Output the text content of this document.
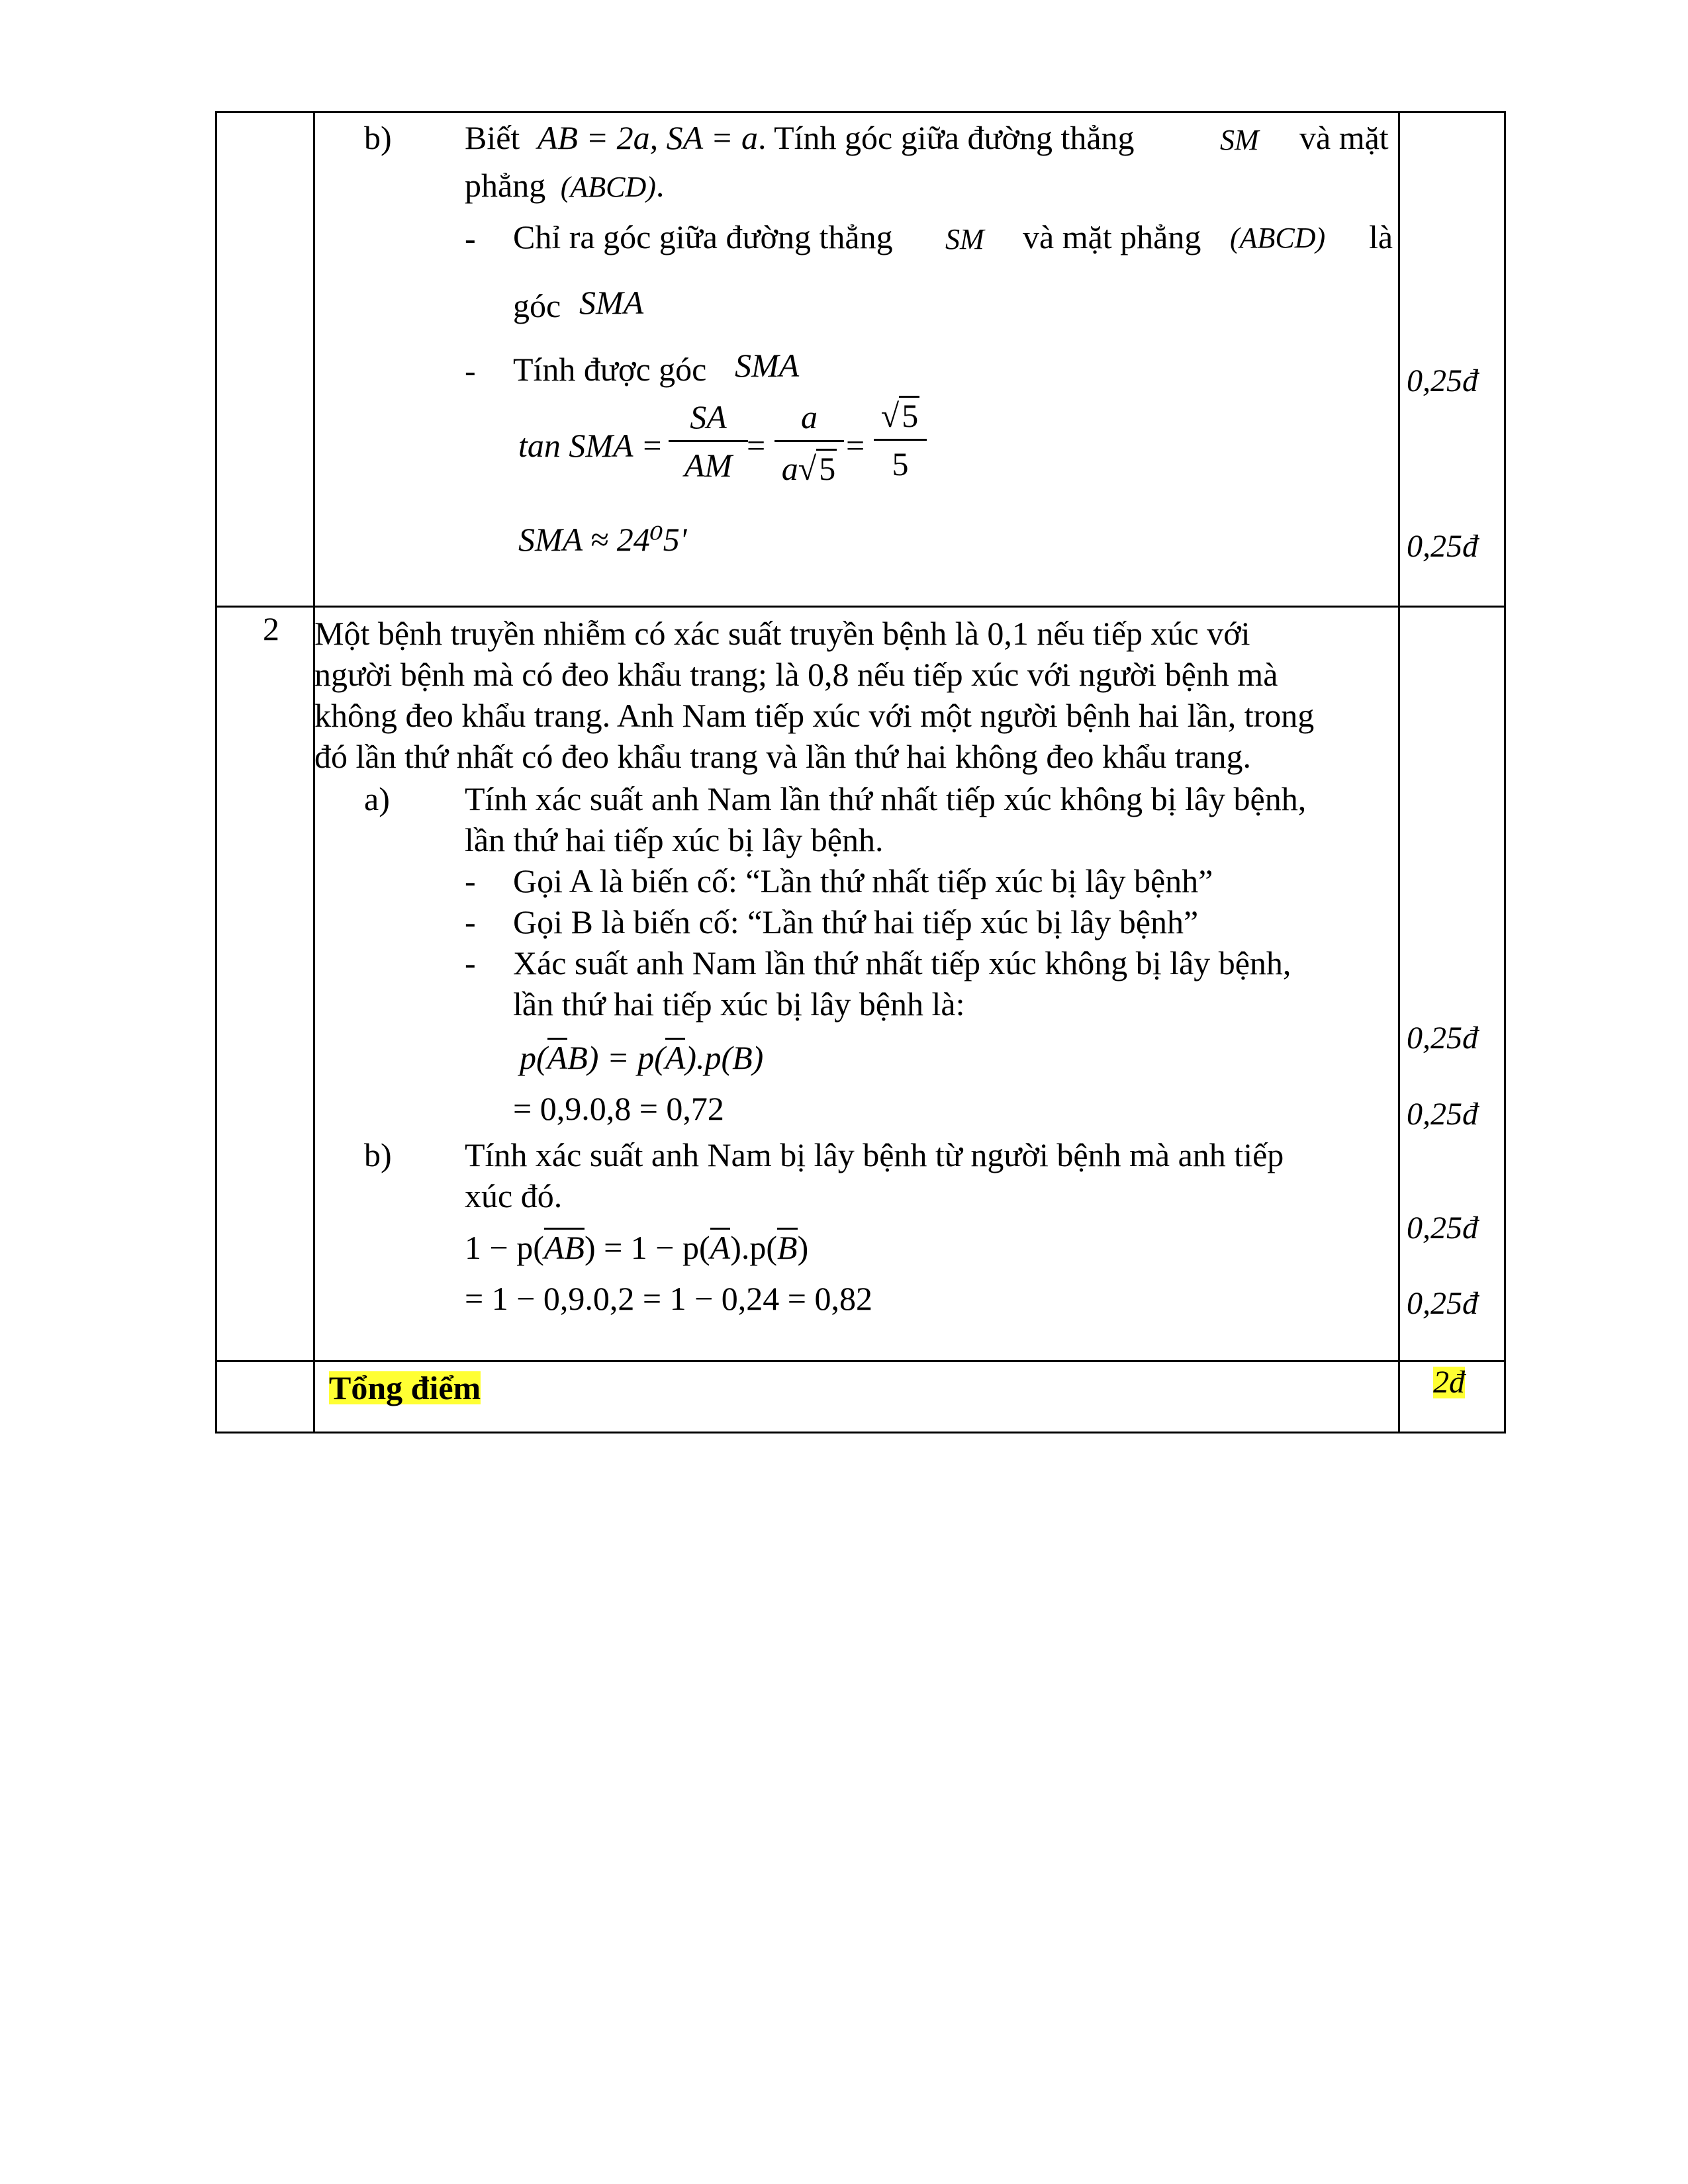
b) Biết AB = 2a, SA = a. Tính góc giữa đường thẳng	SM và mặt
phẳng (ABCD).
- Chỉ ra góc giữa đường thẳng SM và mặt phẳng (ABCD) là
góc SMA
- Tính được góc SMA
tan SMA =
SA
AM
=
a
a√5
=
√5
5
SMA ≈ 24⁰5'
0,25đ
0,25đ
2 Một bệnh truyền nhiễm có xác suất truyền bệnh là 0,1 nếu tiếp xúc với
người bệnh mà có đeo khẩu trang; là 0,8 nếu tiếp xúc với người bệnh mà
không đeo khẩu trang. Anh Nam tiếp xúc với một người bệnh hai lần, trong
đó lần thứ nhất có đeo khẩu trang và lần thứ hai không đeo khẩu trang.
a) Tính xác suất anh Nam lần thứ nhất tiếp xúc không bị lây bệnh,
lần thứ hai tiếp xúc bị lây bệnh.
- Gọi A là biến cố: “Lần thứ nhất tiếp xúc bị lây bệnh”
- Gọi B là biến cố: “Lần thứ hai tiếp xúc bị lây bệnh”
- Xác suất anh Nam lần thứ nhất tiếp xúc không bị lây bệnh,
lần thứ hai tiếp xúc bị lây bệnh là:
p(AB) = p(A).p(B)
= 0,9.0,8 = 0,72
b) Tính xác suất anh Nam bị lây bệnh từ người bệnh mà anh tiếp
xúc đó.
1 − p(AB) = 1 − p(A).p(B)
= 1 − 0,9.0,2 = 1 − 0,24 = 0,82
0,25đ
0,25đ
0,25đ
0,25đ
Tổng điểm	2đ
